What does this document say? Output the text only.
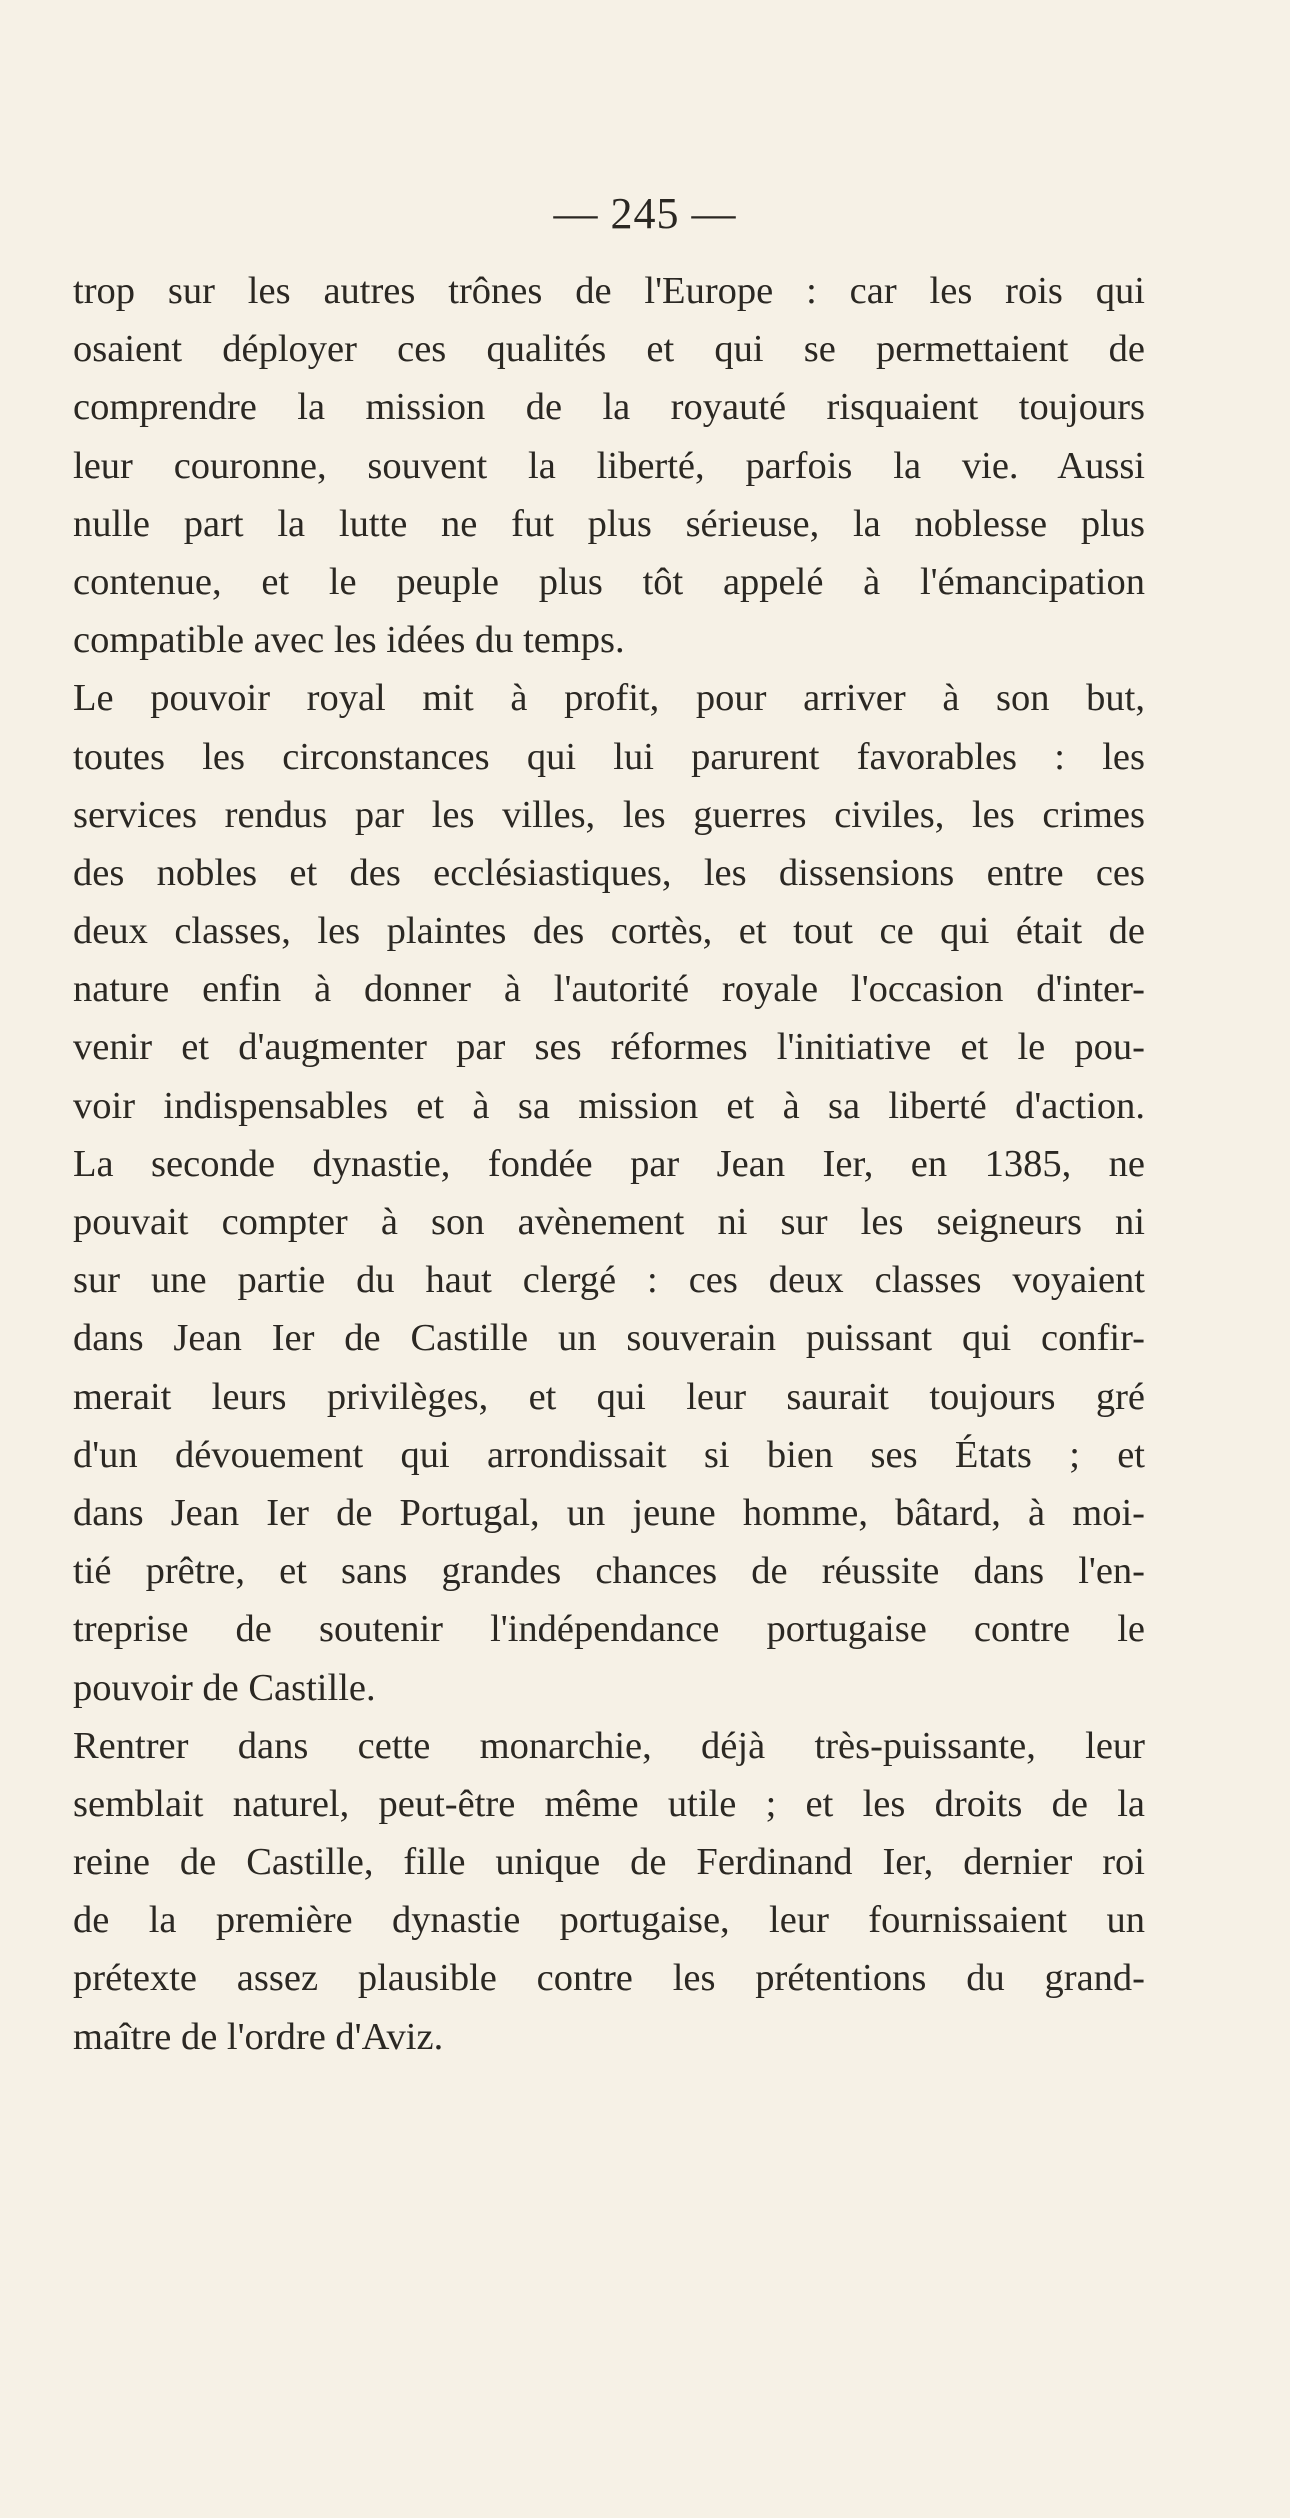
— 245 —
trop sur les autres trônes de l'Europe : car les rois qui
osaient déployer ces qualités et qui se permettaient de
comprendre la mission de la royauté risquaient toujours
leur couronne, souvent la liberté, parfois la vie. Aussi
nulle part la lutte ne fut plus sérieuse, la noblesse plus
contenue, et le peuple plus tôt appelé à l'émancipation
compatible avec les idées du temps.
Le pouvoir royal mit à profit, pour arriver à son but,
toutes les circonstances qui lui parurent favorables : les
services rendus par les villes, les guerres civiles, les crimes
des nobles et des ecclésiastiques, les dissensions entre ces
deux classes, les plaintes des cortès, et tout ce qui était de
nature enfin à donner à l'autorité royale l'occasion d'inter-
venir et d'augmenter par ses réformes l'initiative et le pou-
voir indispensables et à sa mission et à sa liberté d'action.
La seconde dynastie, fondée par Jean Ier, en 1385, ne
pouvait compter à son avènement ni sur les seigneurs ni
sur une partie du haut clergé : ces deux classes voyaient
dans Jean Ier de Castille un souverain puissant qui confir-
merait leurs privilèges, et qui leur saurait toujours gré
d'un dévouement qui arrondissait si bien ses États ; et
dans Jean Ier de Portugal, un jeune homme, bâtard, à moi-
tié prêtre, et sans grandes chances de réussite dans l'en-
treprise de soutenir l'indépendance portugaise contre le
pouvoir de Castille.
Rentrer dans cette monarchie, déjà très-puissante, leur
semblait naturel, peut-être même utile ; et les droits de la
reine de Castille, fille unique de Ferdinand Ier, dernier roi
de la première dynastie portugaise, leur fournissaient un
prétexte assez plausible contre les prétentions du grand-
maître de l'ordre d'Aviz.
